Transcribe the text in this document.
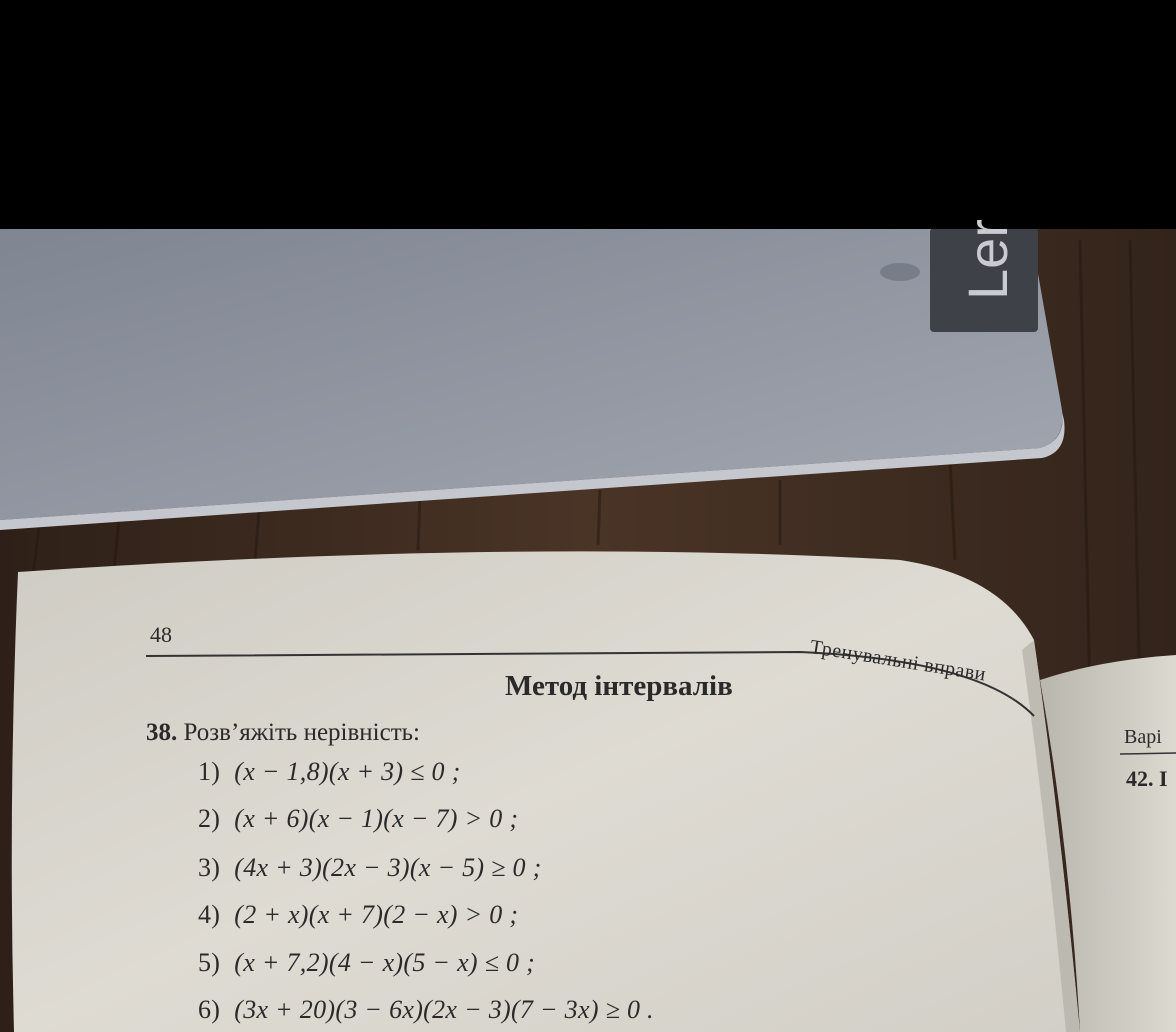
Ler
48
Тренувальні вправи
Метод інтервалів
38. Розв’яжіть нерівність:
1) (x − 1,8)(x + 3) ≤ 0 ;
2) (x + 6)(x − 1)(x − 7) > 0 ;
3) (4x + 3)(2x − 3)(x − 5) ≥ 0 ;
4) (2 + x)(x + 7)(2 − x) > 0 ;
5) (x + 7,2)(4 − x)(5 − x) ≤ 0 ;
6) (3x + 20)(3 − 6x)(2x − 3)(7 − 3x) ≥ 0 .
Варі
42. І
